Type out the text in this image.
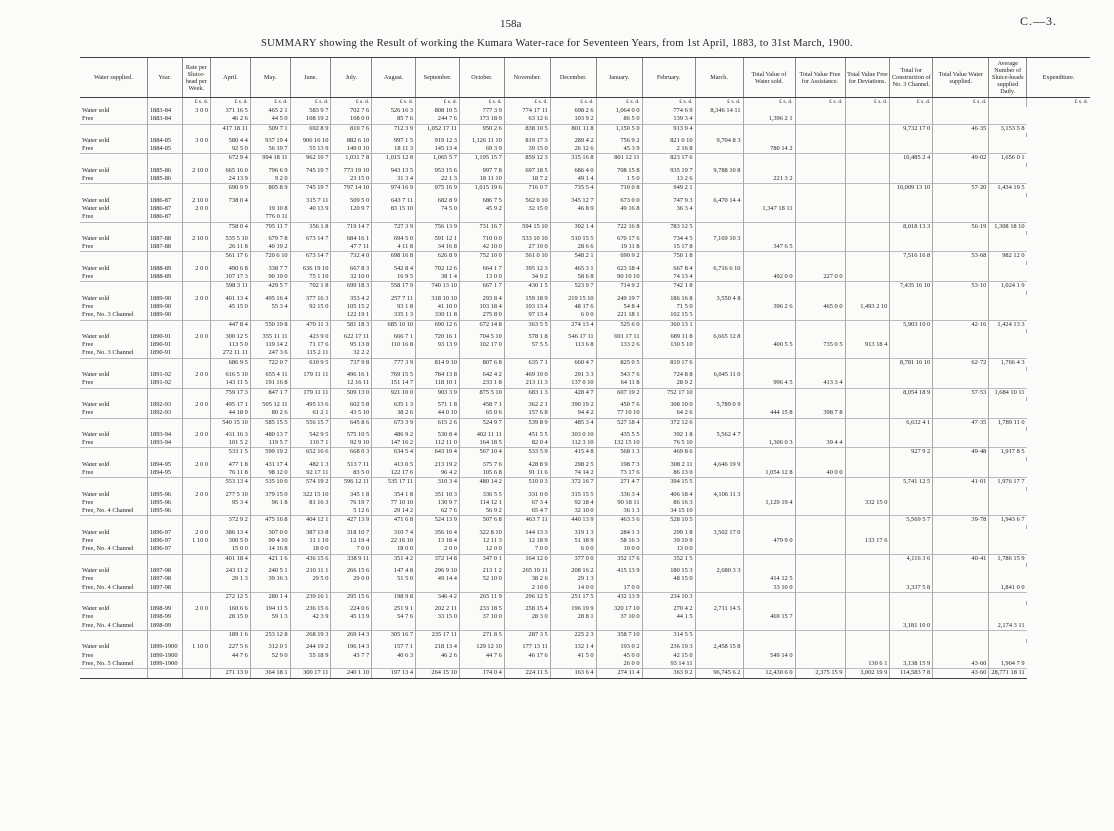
158a	C.—3.
SUMMARY showing the Result of working the Kumara Water-race for Seventeen Years, from 1st April, 1883, to 31st March, 1900.
Water supplied.	Year.	Rate per Sluice-head per Week.	April.	May.	June.	July.	August.	September.	October.	November.	December.	January.	February.	March.	Total Value of Water sold.	Total Value Free for Assistance.	Total Value Free for Deviations.	Total for Construction of No. 3 Channel.	Total Value Water supplied.	Average Number of Sluice-heads supplied Daily.	Expenditure.
		£ s. d.	£ s. d.	£ s. d.	£ s. d.	£ s. d.	£ s. d.	£ s. d.	£ s. d.	£ s. d.	£ s. d.	£ s. d.	£ s. d.	£ s. d.	£ s. d.	£ s. d.	£ s. d.	£ s. d.	£ s. d.		£ s. d.
Water sold	1883-84	3 0 0	371 16 5	465 2 1	583 9 7	702 7 6	526 16 3	808 10 5	777 3 9	774 17 11	698 2 6	1,064 0 0	774 6 9	8,346 14 11							
Free	1883-84		46 2 6	44 5 0	108 19 2	108 0 0	85 7 6	244 7 6	173 18 9	63 12 6	103 9 2	86 5 0	139 3 4		1,396 2 1						
			417 18 11	509 7 1	692 8 9	810 7 6	712 3 9	1,052 17 11	950 2 6	838 10 5	801 11 8	1,150 5 0	913 9 4					9,732 17 0	46·35	3,153 5 8	

Water sold	1884-85	3 0 0	580 4 4	937 19 4	906 16 10	882 6 10	997 1 5	919 12 3	1,126 11 10	819 17 3	289 4 2	756 9 2	821 0 10	9,704 8 3							
Free	1884-85		92 5 0	56 19 7	55 13 9	149 0 10	18 11 3	145 13 4	69 3 9	39 15 0	26 12 6	45 3 9	2 16 8		780 14 2						
			672 9 4	994 18 11	962 10 7	1,031 7 8	1,015 12 8	1,065 5 7	1,195 15 7	859 12 3	315 16 8	801 12 11	823 17 6					10,485 2 4	49·02	1,656 0 1	

Water sold	1885-86	2 10 0	665 16 0	796 6 9	745 19 7	773 19 10	943 13 5	953 15 6	997 7 8	697 18 5	686 4 0	708 15 8	935 19 7	9,788 10 8							
Free	1885-86		24 13 9	9 2 0		23 15 0	31 3 4	22 1 3	18 11 10	18 7 2	49 1 4	1 5 0	13 2 6		221 3 2						
			690 9 9	805 8 9	745 19 7	797 14 10	974 16 9	975 16 9	1,015 19 6	716 0 7	735 5 4	710 0 8	949 2 1					10,009 13 10	57·20	1,434 19 5	

Water sold	1886-87	2 10 0	738 0 4		315 7 11	509 5 0	643 7 11	682 8 9	686 7 5	562 0 10	345 12 7	673 0 0	747 9 3	6,470 14 4							
Water sold	1886-87	2 0 0		19 10 8	40 13 9	120 9 7	83 15 10	74 5 0	45 9 2	32 15 0	46 8 9	49 16 8	36 3 4		1,347 18 11						
Free	1886-87			776 0 11																	
			758 0 4	795 11 7	356 1 8	719 14 7	727 3 9	756 13 9	731 16 7	594 15 10	392 1 4	722 16 8	783 12 5					8,018 13 3	56·19	1,308 18 10	

Water sold	1887-88	2 10 0	535 5 10	679 7 8	673 14 7	684 16 1	694 5 0	591 12 1	710 0 0	533 10 10	510 15 5	670 17 6	734 4 5	7,169 10 3							
Free	1887-88		26 11 8	40 19 2		47 7 11	4 11 8	34 16 8	42 10 0	27 10 0	28 6 6	19 11 8	15 17 8		347 6 5						
			561 17 6	720 6 10	673 14 7	732 4 0	698 16 8	626 8 9	752 10 0	561 0 10	548 2 1	690 9 2	750 1 8					7,516 16 8	53·68	982 12 0	

Water sold	1888-89	2 0 0	490 6 8	338 7 7	636 19 10	667 8 3	542 8 4	702 12 6	664 1 7	395 12 3	465 3 1	623 18 4	667 8 4	6,716 6 10							
Free	1888-89		107 17 3	90 19 0	75 1 10	32 10 0	16 9 5	38 1 4	13 0 0	34 9 2	58 6 8	90 10 10	74 13 4		492 0 0	227 0 0					
			598 3 11	429 5 7	702 1 8	699 18 3	558 17 9	740 13 10	667 1 7	430 1 5	523 9 7	714 9 2	742 1 8					7,435 16 10	53·10	1,024 1 9	

Water sold	1889-90	2 0 0	401 13 4	495 16 4	377 16 3	353 4 2	257 7 11	318 10 10	293 8 4	159 18 9	219 15 10	249 19 7	186 16 8	3,550 4 8							
Free	1889-90		45 15 0	55 3 4	92 15 0	105 15 2	93 1 8	41 10 0	103 18 4	103 13 4	48 17 6	54 8 4	71 5 0		396 2 6	465 0 0	1,493 2 10				
Free, No. 3 Channel	1889-90					122 19 1	335 1 3	330 11 8	275 8 0	97 13 4	6 0 0	221 18 1	102 15 5								
			447 8 4	550 19 8	470 11 3	581 18 3	685 10 10	690 12 6	672 14 8	363 5 5	274 13 4	525 6 0	360 13 1					5,903 10 0	42·16	1,424 13 3	

Water sold	1890-91	2 0 0	300 12 5	355 11 11	423 9 0	622 17 11	666 7 1	720 16 1	704 5 10	578 1 8	546 17 11	691 17 11	689 11 8	6,665 12 8							
Free	1890-91		113 5 0	119 14 2	71 17 6	95 13 8	110 16 8	93 13 9	102 17 0	57 5 5	113 6 8	133 2 6	130 5 10		400 5 5	735 0 5	913 18 4				
Free, No. 3 Channel	1890-91		272 11 11	247 3 6	115 2 11	32 2 2															
			686 9 5	722 0 7	610 9 5	737 9 8	777 3 9	814 9 10	807 6 8	635 7 1	660 4 7	825 0 5	819 17 6					8,781 16 10	62·72	1,766 4 3	

Water sold	1891-92	2 0 0	616 5 10	655 4 11	179 11 11	496 16 1	769 15 5	784 13 8	642 4 2	469 10 0	291 3 3	543 7 6	724 8 8	6,045 11 0							
Free	1891-92		143 11 5	191 16 8		12 16 11	151 14 7	118 10 1	233 1 8	213 11 3	137 0 10	64 11 8	28 9 2		996 4 5	413 3 4					
			759 17 3	847 1 7	179 11 11	509 13 0	921 10 0	903 3 9	875 5 10	683 1 3	428 4 7	607 19 2	752 17 10					8,054 18 9	57·53	1,684 10 11	

Water sold	1892-93	2 0 0	495 17 1	505 12 11	495 13 6	602 5 8	635 1 3	571 1 8	458 7 1	362 2 1	390 19 2	450 7 6	308 10 0	5,789 0 9							
Free	1892-93		44 18 9	80 2 6	61 2 1	43 5 10	38 2 6	44 0 10	65 0 6	157 6 8	94 4 2	77 10 10	64 2 6		444 15 8	398 7 8					
			540 15 10	585 15 5	556 15 7	645 8 6	673 3 9	615 2 6	524 9 7	539 8 9	485 3 4	527 18 4	372 12 6					6,632 4 1	47·35	1,789 11 0	

Water sold	1893-94	2 0 0	431 16 3	480 13 7	542 9 5	575 10 5	486 9 2	530 8 4	402 11 11	451 5 5	303 0 10	435 5 5	392 1 8	5,562 4 7							
Free	1893-94		101 5 2	119 5 7	110 7 1	92 9 10	147 16 2	112 11 0	164 18 5	82 0 4	112 3 10	132 15 10	76 5 10		1,306 0 3	39 4 4					
			533 1 5	599 19 2	652 16 6	668 0 3	634 5 4	643 19 4	567 10 4	533 5 9	415 4 8	568 1 3	469 8 6					927 9 2	49·48	1,917 8 5	

Water sold	1894-95	2 0 0	477 1 8	431 17 4	482 1 3	513 7 11	413 0 5	213 19 2	375 7 6	428 8 9	298 2 5	198 7 3	308 2 11	4,646 19 9							
Free	1894-95		76 11 8	98 12 0	92 17 11	83 5 0	122 17 6	96 4 2	105 6 8	91 11 6	74 14 2	73 17 6	86 13 0		1,054 12 8	40 0 0					
			553 13 4	535 10 0	574 19 2	596 12 11	535 17 11	310 3 4	480 14 2	510 0 3	372 16 7	271 4 7	394 15 5					5,741 12 5	41·01	1,976 17 7	

Water sold	1895-96	2 0 0	277 5 10	379 15 0	322 15 10	345 1 8	354 1 8	351 10 3	336 5 5	331 0 0	315 15 5	336 3 4	406 18 4	4,106 11 3							
Free	1895-96		95 3 4	96 1 8	81 16 3	76 19 7	77 10 10	130 9 7	114 12 1	67 3 4	92 18 4	90 18 11	86 16 3		1,129 19 4		332 15 0				
Free, No. 4 Channel	1895-96					5 12 6	29 14 2	62 7 6	56 9 2	65 4 7	32 10 0	36 1 3	34 15 10								
			372 9 2	475 16 8	404 12 1	427 13 9	471 6 8	524 13 9	507 6 8	463 7 11	440 13 9	463 3 6	528 10 5					5,569 5 7	39·78	1,943 6 7	

Water sold	1896-97	2 0 0	386 13 4	307 0 0	387 13 8	318 10 7	310 7 4	356 16 4	322 8 10	144 13 3	319 1 3	284 1 3	299 1 8	3,502 17 0							
Free	1896-97	1 10 0	300 5 0	99 4 10	31 1 10	12 19 4	22 16 10	13 18 4	12 11 3	12 18 9	51 18 9	58 16 3	39 19 9		479 9 0		133 17 6				
Free, No. 4 Channel	1896-97		15 0 0	14 16 8	18 0 0	7 0 0	18 0 0	2 0 0	12 0 0	7 0 0	6 0 0	10 0 0	13 0 0								
			401 18 4	421 1 6	436 15 6	338 9 11	351 4 2	372 14 8	347 0 1	164 12 0	377 0 0	352 17 6	352 1 5					4,116 3 6	40·41	1,786 15 9	

Water sold	1897-98		243 11 2	240 5 1	210 11 1	266 15 6	147 4 8	296 9 10	213 1 2	265 19 11	208 16 2	415 13 9	180 15 3	2,680 3 3							
Free	1897-98		29 1 3	39 16 3	29 5 0	29 0 0	51 5 0	49 14 4	52 10 0	38 2 6	29 1 3		48 15 0		414 12 5						
Free, No. 4 Channel	1897-98									2 10 0	14 0 0	17 0 0			33 10 0			3,337 5 8		1,841 0 0	
			272 12 5	280 1 4	239 16 1	295 15 6	198 9 8	346 4 2	265 11 9	296 12 5	251 17 5	432 13 9	234 10 3								

Water sold	1898-99	2 0 0	160 6 6	194 11 5	236 15 6	224 0 6	251 9 1	202 2 11	233 18 5	258 15 4	196 19 9	320 17 10	270 4 2	2,711 14 5							
Free	1898-99		28 15 0	59 1 3	42 3 9	45 13 9	54 7 6	33 15 0	37 10 0	28 3 0	28 8 1	37 10 0	44 1 5		469 15 7						
Free, No. 4 Channel	1898-99																	3,181 10 0		2,174 3 11	
			189 1 6	253 12 8	268 19 3	269 14 3	305 16 7	235 17 11	271 8 5	287 3 5	225 2 3	358 7 10	314 5 5								

Water sold	1899-1900	1 10 0	227 5 6	312 0 1	244 19 2	196 14 3	157 7 1	218 13 4	129 12 10	177 13 11	132 1 4	193 0 2	236 19 3	2,458 15 8							
Free	1899-1900		44 7 6	52 9 0	55 18 9	43 7 7	40 6 3	46 2 6	44 7 6	46 17 6	41 5 0	45 0 0	42 15 0		549 14 0						
Free, No. 5 Channel	1899-1900											26 0 0	93 14 11				130 6 1	3,138 15 9	43·60	1,904 7 9	
			271 13 0	364 18 1	300 17 11	240 1 10	197 13 4	264 15 10	174 0 4	224 11 5	163 6 4	274 11 4	363 9 2	96,745 6 2	12,430 6 0	2,375 15 9	3,002 19 9	114,583 7 8	43·60	28,771 18 11	
